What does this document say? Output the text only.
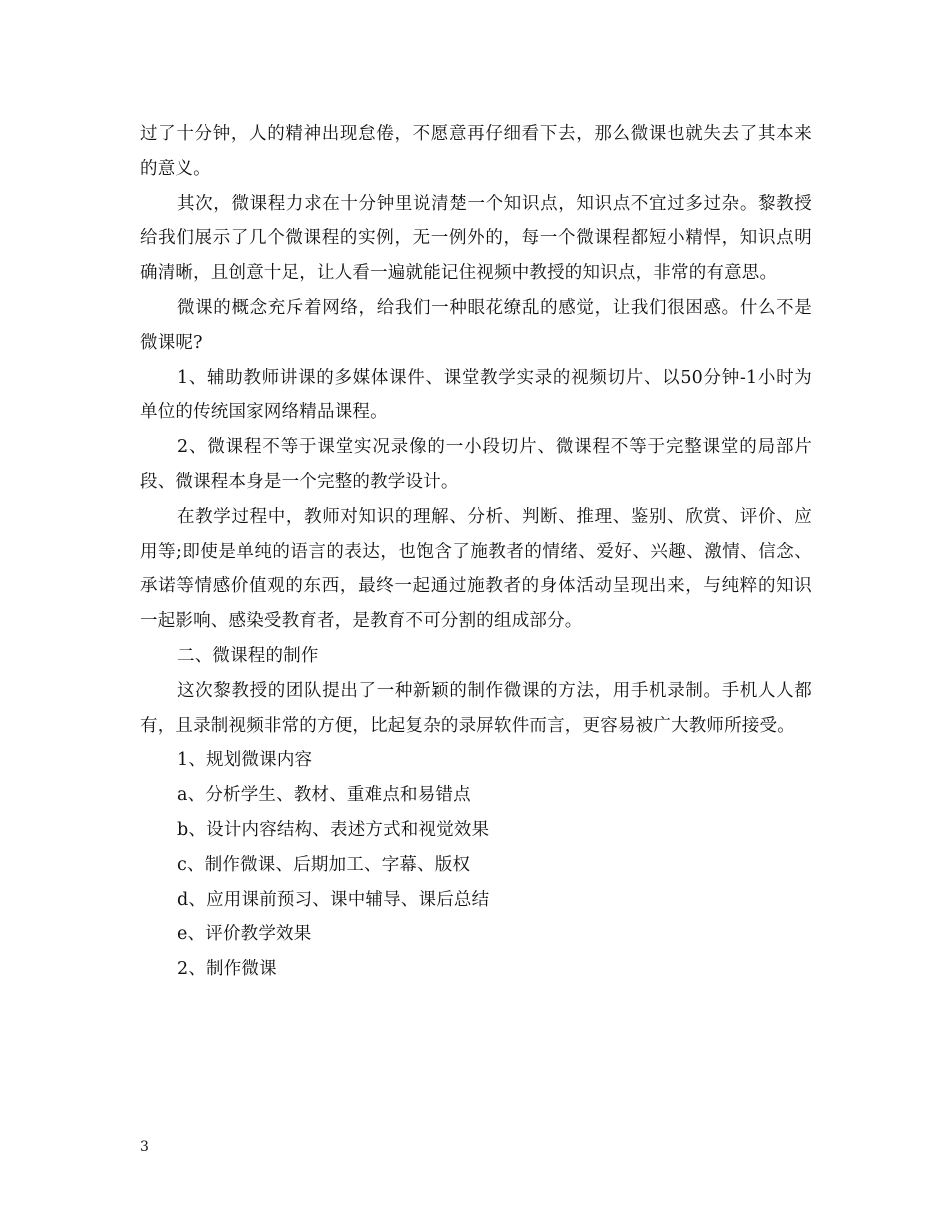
过了十分钟，人的精神出现怠倦，不愿意再仔细看下去，那么微课也就失去了其本来的意义。

其次，微课程力求在十分钟里说清楚一个知识点，知识点不宜过多过杂。黎教授给我们展示了几个微课程的实例，无一例外的，每一个微课程都短小精悍，知识点明确清晰，且创意十足，让人看一遍就能记住视频中教授的知识点，非常的有意思。

微课的概念充斥着网络，给我们一种眼花缭乱的感觉，让我们很困惑。什么不是微课呢?

1、辅助教师讲课的多媒体课件、课堂教学实录的视频切片、以50分钟-1小时为单位的传统国家网络精品课程。

2、微课程不等于课堂实况录像的一小段切片、微课程不等于完整课堂的局部片段、微课程本身是一个完整的教学设计。

在教学过程中，教师对知识的理解、分析、判断、推理、鉴别、欣赏、评价、应用等;即使是单纯的语言的表达，也饱含了施教者的情绪、爱好、兴趣、激情、信念、承诺等情感价值观的东西，最终一起通过施教者的身体活动呈现出来，与纯粹的知识一起影响、感染受教育者，是教育不可分割的组成部分。

二、微课程的制作

这次黎教授的团队提出了一种新颖的制作微课的方法，用手机录制。手机人人都有，且录制视频非常的方便，比起复杂的录屏软件而言，更容易被广大教师所接受。

1、规划微课内容

a、分析学生、教材、重难点和易错点

b、设计内容结构、表述方式和视觉效果

c、制作微课、后期加工、字幕、版权

d、应用课前预习、课中辅导、课后总结

e、评价教学效果

2、制作微课

3
